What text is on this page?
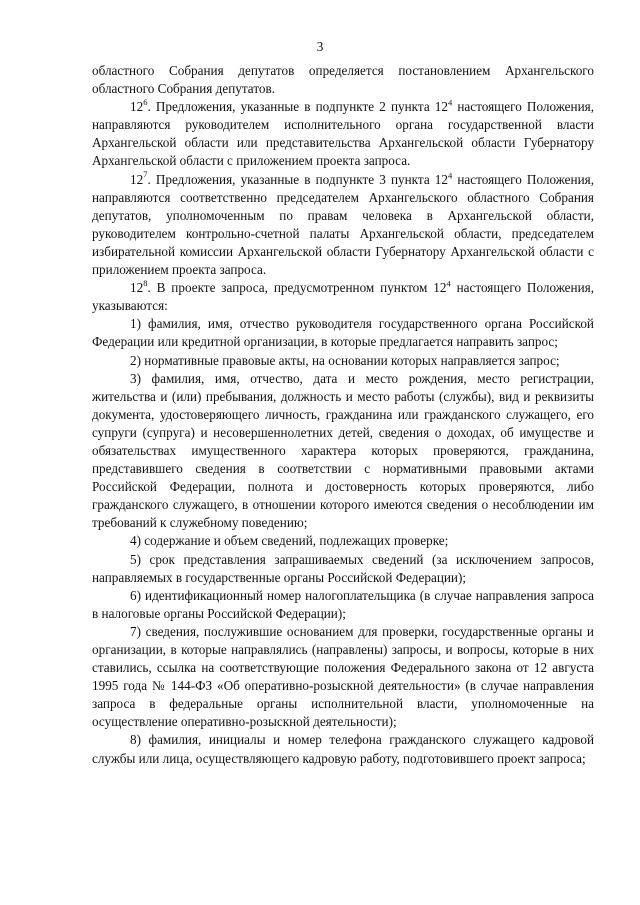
3

областного Собрания депутатов определяется постановлением Архангельского областного Собрания депутатов.

$12^6$. Предложения, указанные в подпункте 2 пункта $12^4$ настоящего Положения, направляются руководителем исполнительного органа государственной власти Архангельской области или представительства Архангельской области Губернатору Архангельской области с приложением проекта запроса.

$12^7$. Предложения, указанные в подпункте 3 пункта $12^4$ настоящего Положения, направляются соответственно председателем Архангельского областного Собрания депутатов, уполномоченным по правам человека в Архангельской области, руководителем контрольно-счетной палаты Архангельской области, председателем избирательной комиссии Архангельской области Губернатору Архангельской области с приложением проекта запроса.

$12^8$. В проекте запроса, предусмотренном пунктом $12^4$ настоящего Положения, указываются:

1) фамилия, имя, отчество руководителя государственного органа Российской Федерации или кредитной организации, в которые предлагается направить запрос;

2) нормативные правовые акты, на основании которых направляется запрос;

3) фамилия, имя, отчество, дата и место рождения, место регистрации, жительства и (или) пребывания, должность и место работы (службы), вид и реквизиты документа, удостоверяющего личность, гражданина или гражданского служащего, его супруги (супруга) и несовершеннолетних детей, сведения о доходах, об имуществе и обязательствах имущественного характера которых проверяются, гражданина, представившего сведения в соответствии с нормативными правовыми актами Российской Федерации, полнота и достоверность которых проверяются, либо гражданского служащего, в отношении которого имеются сведения о несоблюдении им требований к служебному поведению;

4) содержание и объем сведений, подлежащих проверке;

5) срок представления запрашиваемых сведений (за исключением запросов, направляемых в государственные органы Российской Федерации);

6) идентификационный номер налогоплательщика (в случае направления запроса в налоговые органы Российской Федерации);

7) сведения, послужившие основанием для проверки, государственные органы и организации, в которые направлялись (направлены) запросы, и вопросы, которые в них ставились, ссылка на соответствующие положения Федерального закона от 12 августа 1995 года № 144-ФЗ «Об оперативно-розыскной деятельности» (в случае направления запроса в федеральные органы исполнительной власти, уполномоченные на осуществление оперативно-розыскной деятельности);

8) фамилия, инициалы и номер телефона гражданского служащего кадровой службы или лица, осуществляющего кадровую работу, подготовившего проект запроса;
